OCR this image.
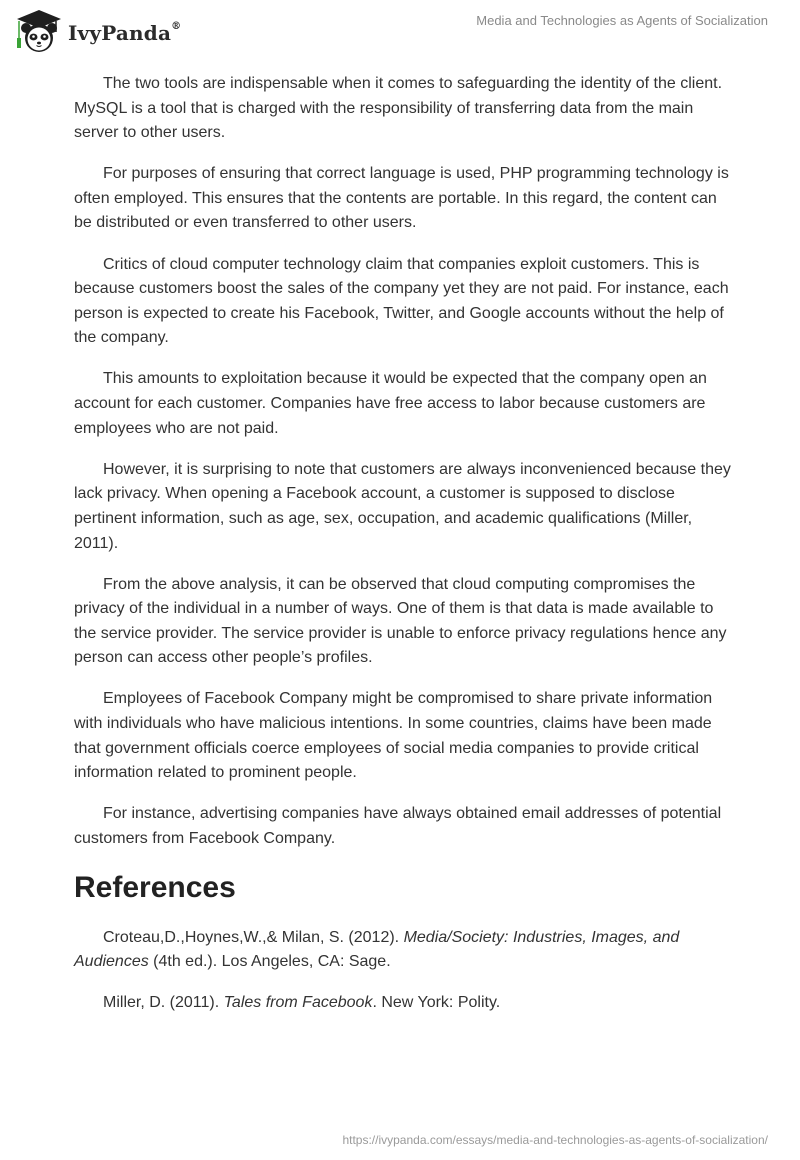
IvyPanda®	Media and Technologies as Agents of Socialization

The two tools are indispensable when it comes to safeguarding the identity of the client. MySQL is a tool that is charged with the responsibility of transferring data from the main server to other users.

For purposes of ensuring that correct language is used, PHP programming technology is often employed. This ensures that the contents are portable. In this regard, the content can be distributed or even transferred to other users.

Critics of cloud computer technology claim that companies exploit customers. This is because customers boost the sales of the company yet they are not paid. For instance, each person is expected to create his Facebook, Twitter, and Google accounts without the help of the company.

This amounts to exploitation because it would be expected that the company open an account for each customer. Companies have free access to labor because customers are employees who are not paid.

However, it is surprising to note that customers are always inconvenienced because they lack privacy. When opening a Facebook account, a customer is supposed to disclose pertinent information, such as age, sex, occupation, and academic qualifications (Miller, 2011).

From the above analysis, it can be observed that cloud computing compromises the privacy of the individual in a number of ways. One of them is that data is made available to the service provider. The service provider is unable to enforce privacy regulations hence any person can access other people’s profiles.

Employees of Facebook Company might be compromised to share private information with individuals who have malicious intentions. In some countries, claims have been made that government officials coerce employees of social media companies to provide critical information related to prominent people.

For instance, advertising companies have always obtained email addresses of potential customers from Facebook Company.

References

Croteau,D.,Hoynes,W.,& Milan, S. (2012). Media/Society: Industries, Images, and Audiences (4th ed.). Los Angeles, CA: Sage.

Miller, D. (2011). Tales from Facebook. New York: Polity.

https://ivypanda.com/essays/media-and-technologies-as-agents-of-socialization/
